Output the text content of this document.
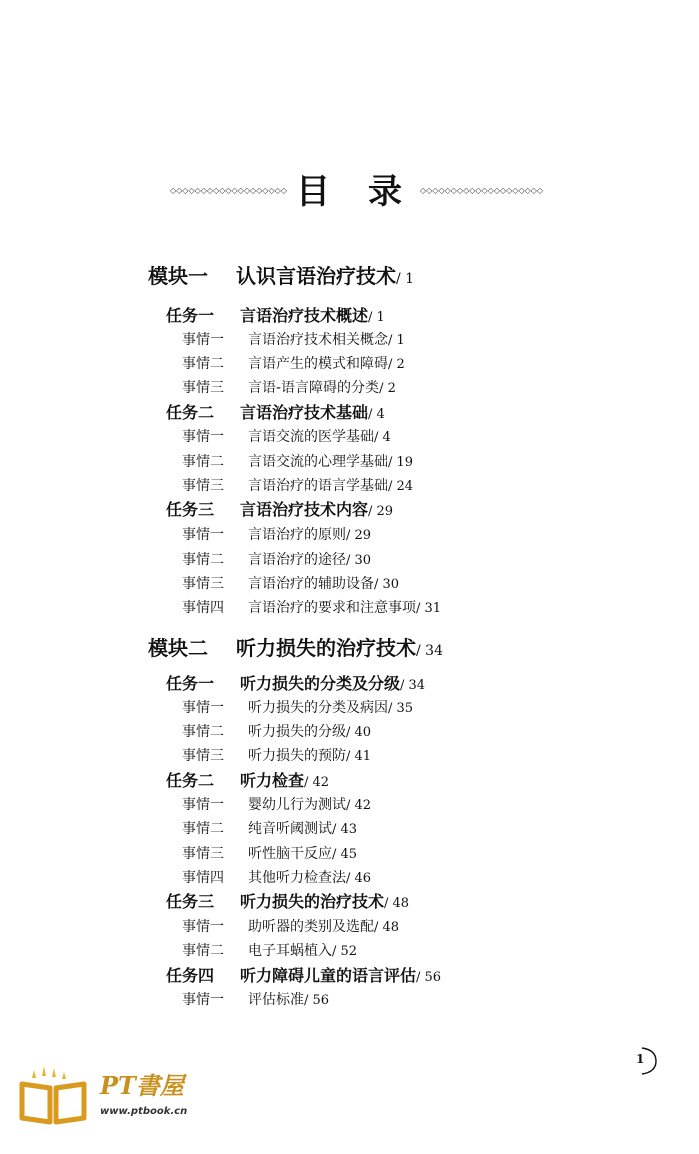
◇◇◇◇◇◇◇◇◇◇◇◇◇◇◇◇◇◇◇ 目录
◇◇◇◇◇◇◇◇◇◇◇◇◇◇◇◇◇◇◇◇
模块一 认识言语治疗技术/ 1
任务一 言语治疗技术概述/ 1
事情一 言语治疗技术相关概念/ 1
事情二 言语产生的模式和障碍/ 2
事情三 言语-语言障碍的分类/ 2
任务二 言语治疗技术基础/ 4
事情一 言语交流的医学基础/ 4
事情二 言语交流的心理学基础/ 19
事情三 言语治疗的语言学基础/ 24
任务三 言语治疗技术内容/ 29
事情一 言语治疗的原则/ 29
事情二 言语治疗的途径/ 30
事情三 言语治疗的辅助设备/ 30
事情四 言语治疗的要求和注意事项/ 31
模块二 听力损失的治疗技术/ 34
任务一 听力损失的分类及分级/ 34
事情一 听力损失的分类及病因/ 35
事情二 听力损失的分级/ 40
事情三 听力损失的预防/ 41
任务二 听力检查/ 42
事情一 婴幼儿行为测试/ 42
事情二 纯音听阈测试/ 43
事情三 听性脑干反应/ 45
事情四 其他听力检查法/ 46
任务三 听力损失的治疗技术/ 48
事情一 助听器的类别及选配/ 48
事情二 电子耳蜗植入/ 52
任务四 听力障碍儿童的语言评估/ 56
事情一 评估标准/ 56
1
PT書屋
www.ptbook.cn
